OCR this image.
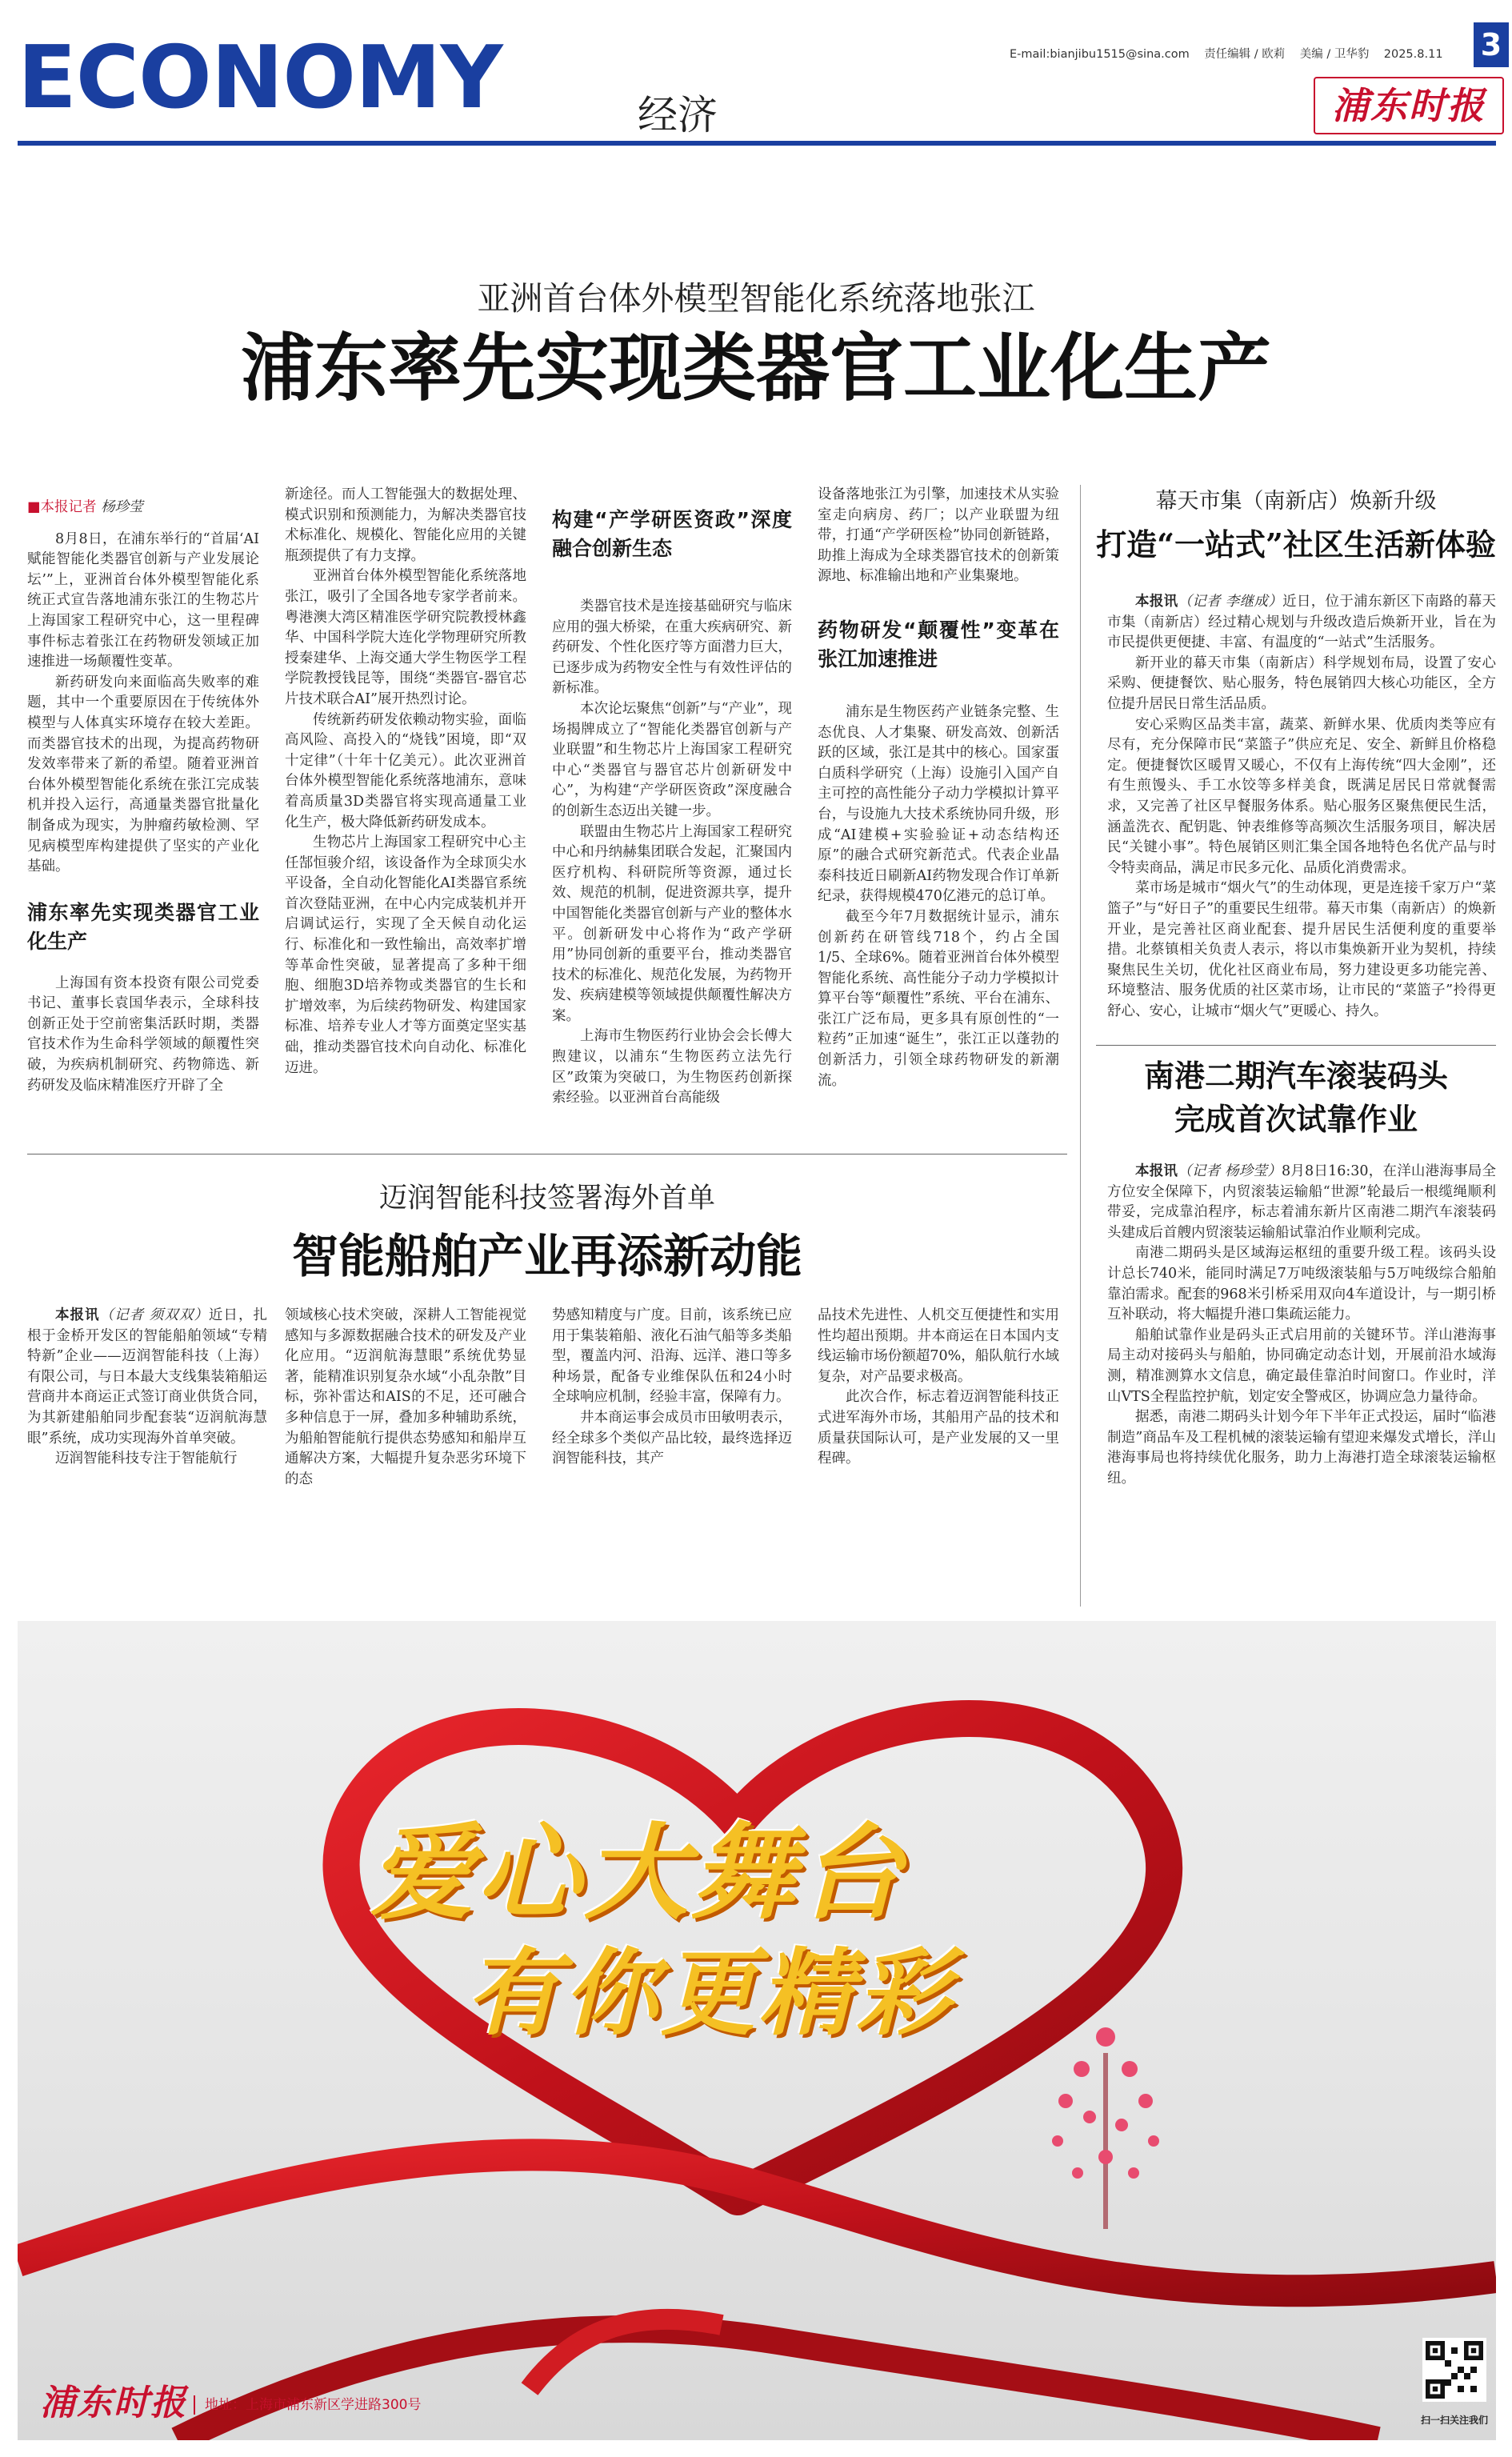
ECONOMY	经济
E-mail:bianjibu1515@sina.com    责任编辑 / 欧莉    美编 / 卫华豹    2025.8.11 3
浦东时报
亚洲首台体外模型智能化系统落地张江
浦东率先实现类器官工业化生产

■本报记者 杨珍莹

8月8日，在浦东举行的“首届‘AI赋能智能化类器官创新与产业发展论坛’”上，亚洲首台体外模型智能化系统正式宣告落地浦东张江的生物芯片上海国家工程研究中心，这一里程碑事件标志着张江在药物研发领域正加速推进一场颠覆性变革。

新药研发向来面临高失败率的难题，其中一个重要原因在于传统体外模型与人体真实环境存在较大差距。而类器官技术的出现，为提高药物研发效率带来了新的希望。随着亚洲首台体外模型智能化系统在张江完成装机并投入运行，高通量类器官批量化制备成为现实，为肿瘤药敏检测、罕见病模型库构建提供了坚实的产业化基础。

浦东率先实现类器官工业化生产

上海国有资本投资有限公司党委书记、董事长袁国华表示，全球科技创新正处于空前密集活跃时期，类器官技术作为生命科学领域的颠覆性突破，为疾病机制研究、药物筛选、新药研发及临床精准医疗开辟了全

新途径。而人工智能强大的数据处理、模式识别和预测能力，为解决类器官技术标准化、规模化、智能化应用的关键瓶颈提供了有力支撑。

亚洲首台体外模型智能化系统落地张江，吸引了全国各地专家学者前来。粤港澳大湾区精准医学研究院教授林鑫华、中国科学院大连化学物理研究所教授秦建华、上海交通大学生物医学工程学院教授钱昆等，围绕“类器官-器官芯片技术联合AI”展开热烈讨论。

传统新药研发依赖动物实验，面临高风险、高投入的“烧钱”困境，即“双十定律”（十年十亿美元）。此次亚洲首台体外模型智能化系统落地浦东，意味着高质量3D类器官将实现高通量工业化生产，极大降低新药研发成本。

生物芯片上海国家工程研究中心主任郜恒骏介绍，该设备作为全球顶尖水平设备，全自动化智能化AI类器官系统首次登陆亚洲，在中心内完成装机并开启调试运行，实现了全天候自动化运行、标准化和一致性输出，高效率扩增等革命性突破，显著提高了多种干细胞、细胞3D培养物或类器官的生长和扩增效率，为后续药物研发、构建国家标准、培养专业人才等方面奠定坚实基础，推动类器官技术向自动化、标准化迈进。

构建“产学研医资政”深度融合创新生态

类器官技术是连接基础研究与临床应用的强大桥梁，在重大疾病研究、新药研发、个性化医疗等方面潜力巨大，已逐步成为药物安全性与有效性评估的新标准。

本次论坛聚焦“创新”与“产业”，现场揭牌成立了“智能化类器官创新与产业联盟”和生物芯片上海国家工程研究中心“类器官与器官芯片创新研发中心”，为构建“产学研医资政”深度融合的创新生态迈出关键一步。

联盟由生物芯片上海国家工程研究中心和丹纳赫集团联合发起，汇聚国内医疗机构、科研院所等资源，通过长效、规范的机制，促进资源共享，提升中国智能化类器官创新与产业的整体水平。创新研发中心将作为“政产学研用”协同创新的重要平台，推动类器官技术的标准化、规范化发展，为药物开发、疾病建模等领域提供颠覆性解决方案。

上海市生物医药行业协会会长傅大煦建议，以浦东“生物医药立法先行区”政策为突破口，为生物医药创新探索经验。以亚洲首台高能级

设备落地张江为引擎，加速技术从实验室走向病房、药厂；以产业联盟为纽带，打通“产学研医检”协同创新链路，助推上海成为全球类器官技术的创新策源地、标准输出地和产业集聚地。

药物研发“颠覆性”变革在张江加速推进

浦东是生物医药产业链条完整、生态优良、人才集聚、研发高效、创新活跃的区域，张江是其中的核心。国家蛋白质科学研究（上海）设施引入国产自主可控的高性能分子动力学模拟计算平台，与设施九大技术系统协同升级，形成“AI建模+实验验证+动态结构还原”的融合式研究新范式。代表企业晶泰科技近日刷新AI药物发现合作订单新纪录，获得规模470亿港元的总订单。

截至今年7月数据统计显示，浦东创新药在研管线718个，约占全国1/5、全球6%。随着亚洲首台体外模型智能化系统、高性能分子动力学模拟计算平台等“颠覆性”系统、平台在浦东、张江广泛布局，更多具有原创性的“一粒药”正加速“诞生”，张江正以蓬勃的创新活力，引领全球药物研发的新潮流。

幕天市集（南新店）焕新升级
打造“一站式”社区生活新体验

本报讯（记者 李继成）近日，位于浦东新区下南路的幕天市集（南新店）经过精心规划与升级改造后焕新开业，旨在为市民提供更便捷、丰富、有温度的“一站式”生活服务。

新开业的幕天市集（南新店）科学规划布局，设置了安心采购、便捷餐饮、贴心服务，特色展销四大核心功能区，全方位提升居民日常生活品质。

安心采购区品类丰富，蔬菜、新鲜水果、优质肉类等应有尽有，充分保障市民“菜篮子”供应充足、安全、新鲜且价格稳定。便捷餐饮区暖胃又暖心，不仅有上海传统“四大金刚”，还有生煎馒头、手工水饺等多样美食，既满足居民日常就餐需求，又完善了社区早餐服务体系。贴心服务区聚焦便民生活，涵盖洗衣、配钥匙、钟表维修等高频次生活服务项目，解决居民“关键小事”。特色展销区则汇集全国各地特色名优产品与时令特卖商品，满足市民多元化、品质化消费需求。

菜市场是城市“烟火气”的生动体现，更是连接千家万户“菜篮子”与“好日子”的重要民生纽带。幕天市集（南新店）的焕新开业，是完善社区商业配套、提升居民生活便利度的重要举措。北蔡镇相关负责人表示，将以市集焕新开业为契机，持续聚焦民生关切，优化社区商业布局，努力建设更多功能完善、环境整洁、服务优质的社区菜市场，让市民的“菜篮子”拎得更舒心、安心，让城市“烟火气”更暖心、持久。

南港二期汽车滚装码头
完成首次试靠作业

本报讯（记者 杨珍莹）8月8日16:30，在洋山港海事局全方位安全保障下，内贸滚装运输船“世源”轮最后一根缆绳顺利带妥，完成靠泊程序，标志着浦东新片区南港二期汽车滚装码头建成后首艘内贸滚装运输船试靠泊作业顺利完成。

南港二期码头是区域海运枢纽的重要升级工程。该码头设计总长740米，能同时满足7万吨级滚装船与5万吨级综合船舶靠泊需求。配套的968米引桥采用双向4车道设计，与一期引桥互补联动，将大幅提升港口集疏运能力。

船舶试靠作业是码头正式启用前的关键环节。洋山港海事局主动对接码头与船舶，协同确定动态计划，开展前沿水域海测，精准测算水文信息，确定最佳靠泊时间窗口。作业时，洋山VTS全程监控护航，划定安全警戒区，协调应急力量待命。

据悉，南港二期码头计划今年下半年正式投运，届时“临港制造”商品车及工程机械的滚装运输有望迎来爆发式增长，洋山港海事局也将持续优化服务，助力上海港打造全球滚装运输枢纽。

迈润智能科技签署海外首单
智能船舶产业再添新动能

本报讯（记者 须双双）近日，扎根于金桥开发区的智能船舶领域“专精特新”企业——迈润智能科技（上海）有限公司，与日本最大支线集装箱船运营商井本商运正式签订商业供货合同，为其新建船舶同步配套装“迈润航海慧眼”系统，成功实现海外首单突破。

迈润智能科技专注于智能航行

领域核心技术突破，深耕人工智能视觉感知与多源数据融合技术的研发及产业化应用。“迈润航海慧眼”系统优势显著，能精准识别复杂水域“小乱杂散”目标，弥补雷达和AIS的不足，还可融合多种信息于一屏，叠加多种辅助系统，为船舶智能航行提供态势感知和船岸互通解决方案，大幅提升复杂恶劣环境下的态

势感知精度与广度。目前，该系统已应用于集装箱船、液化石油气船等多类船型，覆盖内河、沿海、远洋、港口等多种场景，配备专业维保队伍和24小时全球响应机制，经验丰富，保障有力。

井本商运事会成员市田敏明表示，经全球多个类似产品比较，最终选择迈润智能科技，其产

品技术先进性、人机交互便捷性和实用性均超出预期。井本商运在日本国内支线运输市场份额超70%，船队航行水域复杂，对产品要求极高。

此次合作，标志着迈润智能科技正式进军海外市场，其船用产品的技术和质量获国际认可，是产业发展的又一里程碑。

爱心大舞台
有你更精彩
浦东时报	地址：上海市浦东新区学进路300号
扫一扫关注我们
